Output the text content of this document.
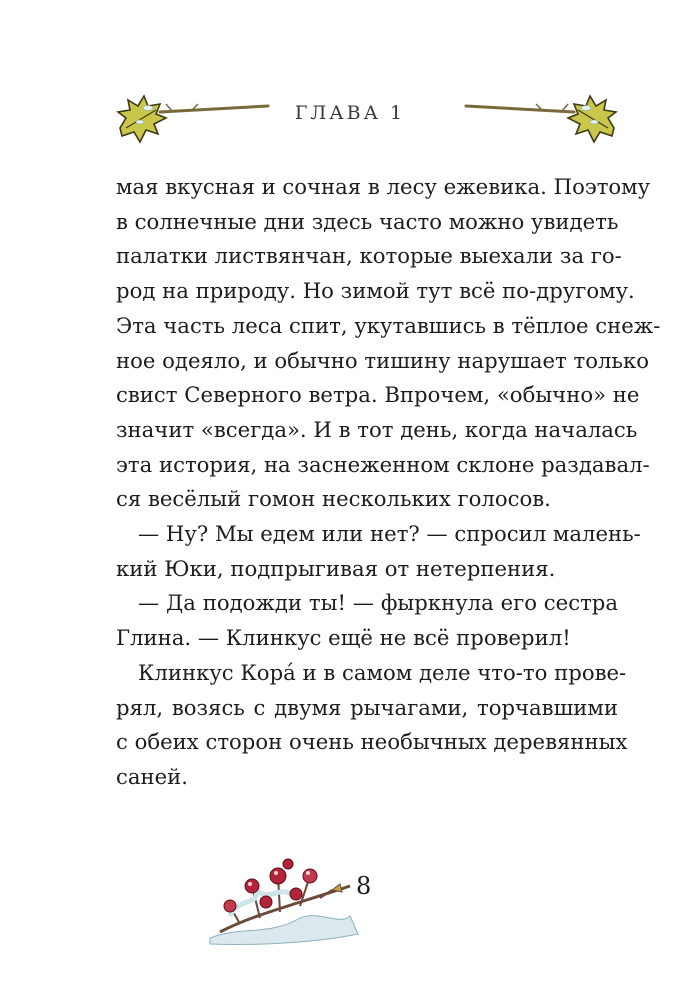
ГЛАВА 1
мая вкусная и сочная в лесу ежевика. Поэтому
в солнечные дни здесь часто можно увидеть
палатки листвянчан, которые выехали за го-
род на природу. Но зимой тут всё по-другому.
Эта часть леса спит, укутавшись в тёплое снеж-
ное одеяло, и обычно тишину нарушает только
свист Северного ветра. Впрочем, «обычно» не
значит «всегда». И в тот день, когда началась
эта история, на заснеженном склоне раздавал-
ся весёлый гомон нескольких голосов.
— Ну? Мы едем или нет? — спросил малень-
кий Юки, подпрыгивая от нетерпения.
— Да подожди ты! — фыркнула его сестра
Глина. — Клинкус ещё не всё проверил!
Клинкус Кора́ и в самом деле что-то прове-
рял, возясь с двумя рычагами, торчавшими
с обеих сторон очень необычных деревянных
саней.
8
